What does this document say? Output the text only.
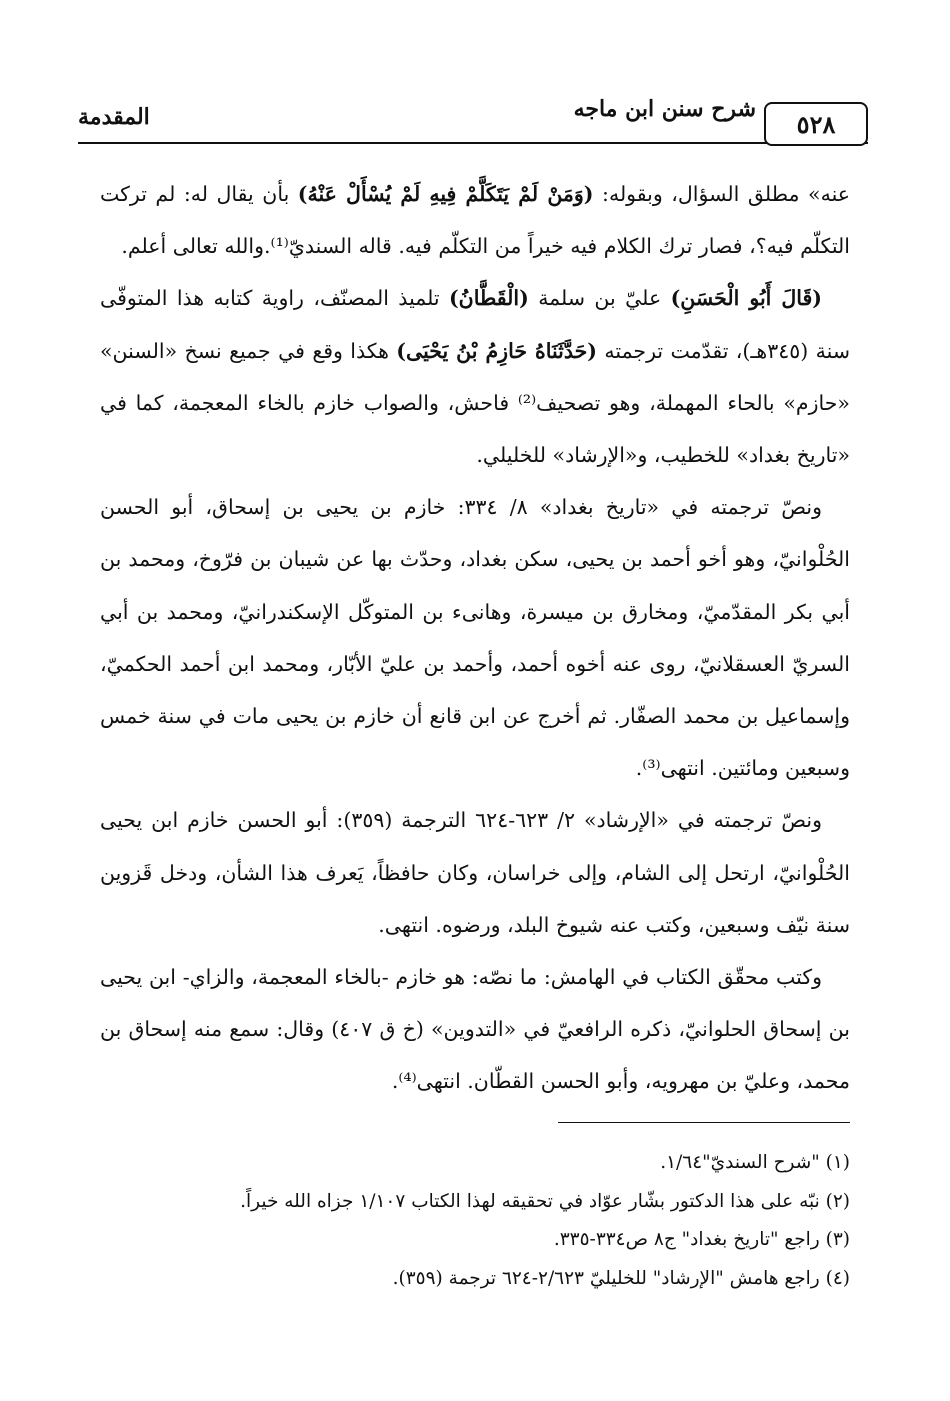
٥٢٨
شرح سنن ابن ماجه
المقدمة

عنه» مطلق السؤال، وبقوله: (وَمَنْ لَمْ يَتَكَلَّمْ فِيهِ لَمْ يُسْأَلْ عَنْهُ) بأن يقال له: لم تركت التكلّم فيه؟، فصار ترك الكلام فيه خيراً من التكلّم فيه. قاله السنديّ⁽¹⁾.والله تعالى أعلم.

(قَالَ أَبُو الْحَسَنِ) عليّ بن سلمة (الْقَطَّانُ) تلميذ المصنّف، راوية كتابه هذا المتوفّى سنة (٣٤٥هـ)، تقدّمت ترجمته (حَدَّثَنَاهُ حَازِمُ بْنُ يَحْيَى) هكذا وقع في جميع نسخ «السنن» «حازم» بالحاء المهملة، وهو تصحيف⁽²⁾ فاحش، والصواب خازم بالخاء المعجمة، كما في «تاريخ بغداد» للخطيب، و«الإرشاد» للخليلي.

ونصّ ترجمته في «تاريخ بغداد» ٨/ ٣٣٤: خازم بن يحيى بن إسحاق، أبو الحسن الحُلْوانيّ، وهو أخو أحمد بن يحيى، سكن بغداد، وحدّث بها عن شيبان بن فرّوخ، ومحمد بن أبي بكر المقدّميّ، ومخارق بن ميسرة، وهانىء بن المتوكّل الإسكندرانيّ، ومحمد بن أبي السريّ العسقلانيّ، روى عنه أخوه أحمد، وأحمد بن عليّ الأبّار، ومحمد ابن أحمد الحكميّ، وإسماعيل بن محمد الصفّار. ثم أخرج عن ابن قانع أن خازم بن يحيى مات في سنة خمس وسبعين ومائتين. انتهى⁽³⁾.

ونصّ ترجمته في «الإرشاد» ٢/ ٦٢٣-٦٢٤ الترجمة (٣٥٩): أبو الحسن خازم ابن يحيى الحُلْوانيّ، ارتحل إلى الشام، وإلى خراسان، وكان حافظاً، يَعرف هذا الشأن، ودخل قَزوين سنة نيّف وسبعين، وكتب عنه شيوخ البلد، ورضوه. انتهى.

وكتب محقّق الكتاب في الهامش: ما نصّه: هو خازم -بالخاء المعجمة، والزاي- ابن يحيى بن إسحاق الحلوانيّ، ذكره الرافعيّ في «التدوين» (خ ق ٤٠٧) وقال: سمع منه إسحاق بن محمد، وعليّ بن مهرويه، وأبو الحسن القطّان. انتهى⁽⁴⁾.

(١) "شرح السنديّ"١/٦٤.

(٢) نبّه على هذا الدكتور بشّار عوّاد في تحقيقه لهذا الكتاب ١/١٠٧ جزاه الله خيراً.

(٣) راجع "تاريخ بغداد" ج٨ ص٣٣٤-٣٣٥.

(٤) راجع هامش "الإرشاد" للخليليّ ٢/٦٢٣-٦٢٤ ترجمة (٣٥٩).
